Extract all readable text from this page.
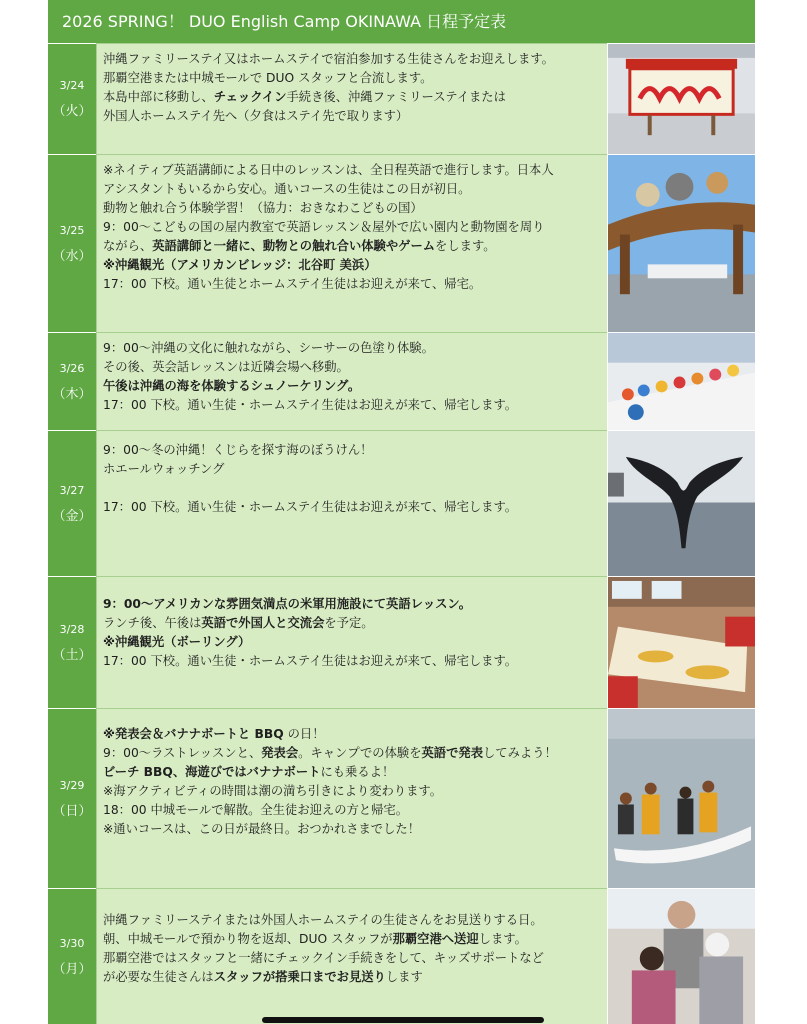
2026 SPRING！ DUO English Camp OKINAWA 日程予定表
3/24
（火）
沖縄ファミリーステイ又はホームステイで宿泊参加する生徒さんをお迎えします。
那覇空港または中城モールで DUO スタッフと合流します。
本島中部に移動し、チェックイン手続き後、沖縄ファミリーステイまたは
外国人ホームステイ先へ（夕食はステイ先で取ります）
3/25
（水）
※ネイティブ英語講師による日中のレッスンは、全日程英語で進行します。日本人
アシスタントもいるから安心。通いコースの生徒はこの日が初日。
動物と触れ合う体験学習！（協力：おきなわこどもの国）
9：00～こどもの国の屋内教室で英語レッスン＆屋外で広い園内と動物園を周り
ながら、英語講師と一緒に、動物との触れ合い体験やゲームをします。
※沖縄観光（アメリカンビレッジ：北谷町 美浜）
17：00 下校。通い生徒とホームステイ生徒はお迎えが来て、帰宅。
3/26
（木）
9：00～沖縄の文化に触れながら、シーサーの色塗り体験。
その後、英会話レッスンは近隣会場へ移動。
午後は沖縄の海を体験するシュノーケリング。
17：00 下校。通い生徒・ホームステイ生徒はお迎えが来て、帰宅します。
3/27
（金）
9：00～冬の沖縄！くじらを探す海のぼうけん！
ホエールウォッチング
17：00 下校。通い生徒・ホームステイ生徒はお迎えが来て、帰宅します。
3/28
（土）
9：00～アメリカンな雰囲気満点の米軍用施設にて英語レッスン。
ランチ後、午後は英語で外国人と交流会を予定。
※沖縄観光（ボーリング）
17：00 下校。通い生徒・ホームステイ生徒はお迎えが来て、帰宅します。
3/29
（日）
※発表会＆バナナボートと BBQ の日！
9：00～ラストレッスンと、発表会。キャンプでの体験を英語で発表してみよう！
ビーチ BBQ、海遊びではバナナボートにも乗るよ！
※海アクティビティの時間は潮の満ち引きにより変わります。
18：00 中城モールで解散。全生徒お迎えの方と帰宅。
※通いコースは、この日が最終日。おつかれさまでした！
3/30
（月）
沖縄ファミリーステイまたは外国人ホームステイの生徒さんをお見送りする日。
朝、中城モールで預かり物を返却、DUO スタッフが那覇空港へ送迎します。
那覇空港ではスタッフと一緒にチェックイン手続きをして、キッズサポートなど
が必要な生徒さんはスタッフが搭乗口までお見送りします
